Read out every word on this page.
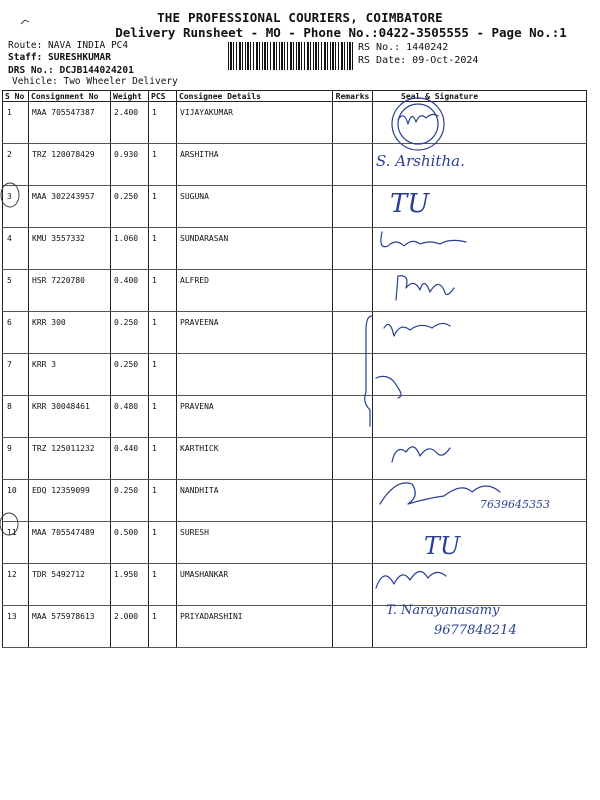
THE PROFESSIONAL COURIERS, COIMBATORE
Delivery Runsheet - MO - Phone No.:0422-3505555 - Page No.:1
Route: NAVA INDIA PC4
Staff: SURESHKUMAR
DRS No.: DCJB144024201
Vehicle: Two Wheeler Delivery
RS No.: 1440242
RS Date: 09-Oct-2024
S No	Consignment No	Weight	PCS	Consignee Details	Remarks	Seal & Signature
1	MAA 705547387	2.400	1	VIJAYAKUMAR		
2	TRZ 120078429	0.930	1	ARSHITHA		
3	MAA 302243957	0.250	1	SUGUNA		
4	KMU 3557332	1.060	1	SUNDARASAN		
5	HSR 7220780	0.400	1	ALFRED		
6	KRR 300	0.250	1	PRAVEENA		
7	KRR 3	0.250	1			
8	KRR 30048461	0.480	1	PRAVENA		
9	TRZ 125011232	0.440	1	KARTHICK		
10	EDQ 12359099	0.250	1	NANDHITA		
11	MAA 705547489	0.500	1	SURESH		
12	TDR 5492712	1.950	1	UMASHANKAR		
13	MAA 575978613	2.000	1	PRIYADARSHINI		
S. Arshitha.
TU
7639645353
TU
T. Narayanasamy
9677848214
